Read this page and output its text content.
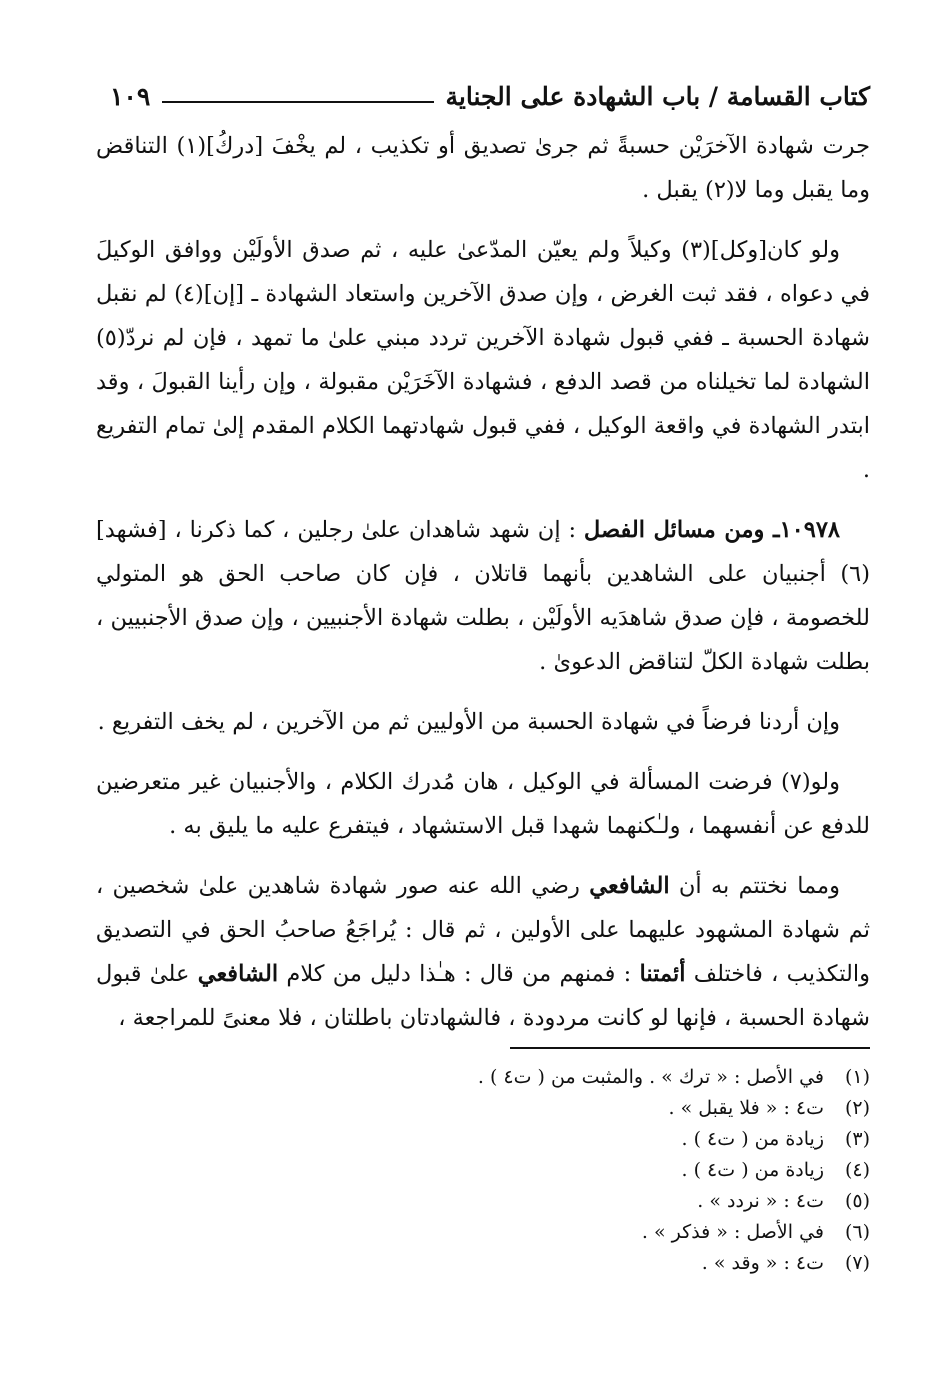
كتاب القسامة / باب الشهادة على الجناية
١٠٩

جرت شهادة الآخرَيْن حسبةً ثم جرىٰ تصديق أو تكذيب ، لم يخْفَ [دركُ](١) التناقض وما يقبل وما لا(٢) يقبل .

ولو كان[وكل](٣) وكيلاً ولم يعيّن المدّعىٰ عليه ، ثم صدق الأولَيْن ووافق الوكيلَ في دعواه ، فقد ثبت الغرض ، وإن صدق الآخرين واستعاد الشهادة ـ [إن](٤) لم نقبل شهادة الحسبة ـ ففي قبول شهادة الآخرين تردد مبني علىٰ ما تمهد ، فإن لم نردّ(٥) الشهادة لما تخيلناه من قصد الدفع ، فشهادة الآخَرَيْن مقبولة ، وإن رأينا القبولَ ، وقد ابتدر الشهادة في واقعة الوكيل ، ففي قبول شهادتهما الكلام المقدم إلىٰ تمام التفريع .

١٠٩٧٨ـ ومن مسائل الفصل : إن شهد شاهدان علىٰ رجلين ، كما ذكرنا ، [فشهد](٦) أجنبيان على الشاهدين بأنهما قاتلان ، فإن كان صاحب الحق هو المتولي للخصومة ، فإن صدق شاهدَيه الأولَيْن ، بطلت شهادة الأجنبيين ، وإن صدق الأجنبيين ، بطلت شهادة الكلّ لتناقض الدعوىٰ .

وإن أردنا فرضاً في شهادة الحسبة من الأوليين ثم من الآخرين ، لم يخف التفريع .

ولو(٧) فرضت المسألة في الوكيل ، هان مُدرك الكلام ، والأجنبيان غير متعرضين للدفع عن أنفسهما ، ولـٰكنهما شهدا قبل الاستشهاد ، فيتفرع عليه ما يليق به .

ومما نختتم به أن الشافعي رضي الله عنه صور شهادة شاهدين علىٰ شخصين ، ثم شهادة المشهود عليهما على الأولين ، ثم قال : يُراجَعُ صاحبُ الحق في التصديق والتكذيب ، فاختلف أئمتنا : فمنهم من قال : هـٰذا دليل من كلام الشافعي علىٰ قبول شهادة الحسبة ، فإنها لو كانت مردودة ، فالشهادتان باطلتان ، فلا معنىً للمراجعة ،

(١)في الأصل : « ترك » . والمثبت من ( ت٤ ) .
(٢)ت٤ : « فلا يقبل » .
(٣)زيادة من ( ت٤ ) .
(٤)زيادة من ( ت٤ ) .
(٥)ت٤ : « نردد » .
(٦)في الأصل : « فذكر » .
(٧)ت٤ : « وقد » .
